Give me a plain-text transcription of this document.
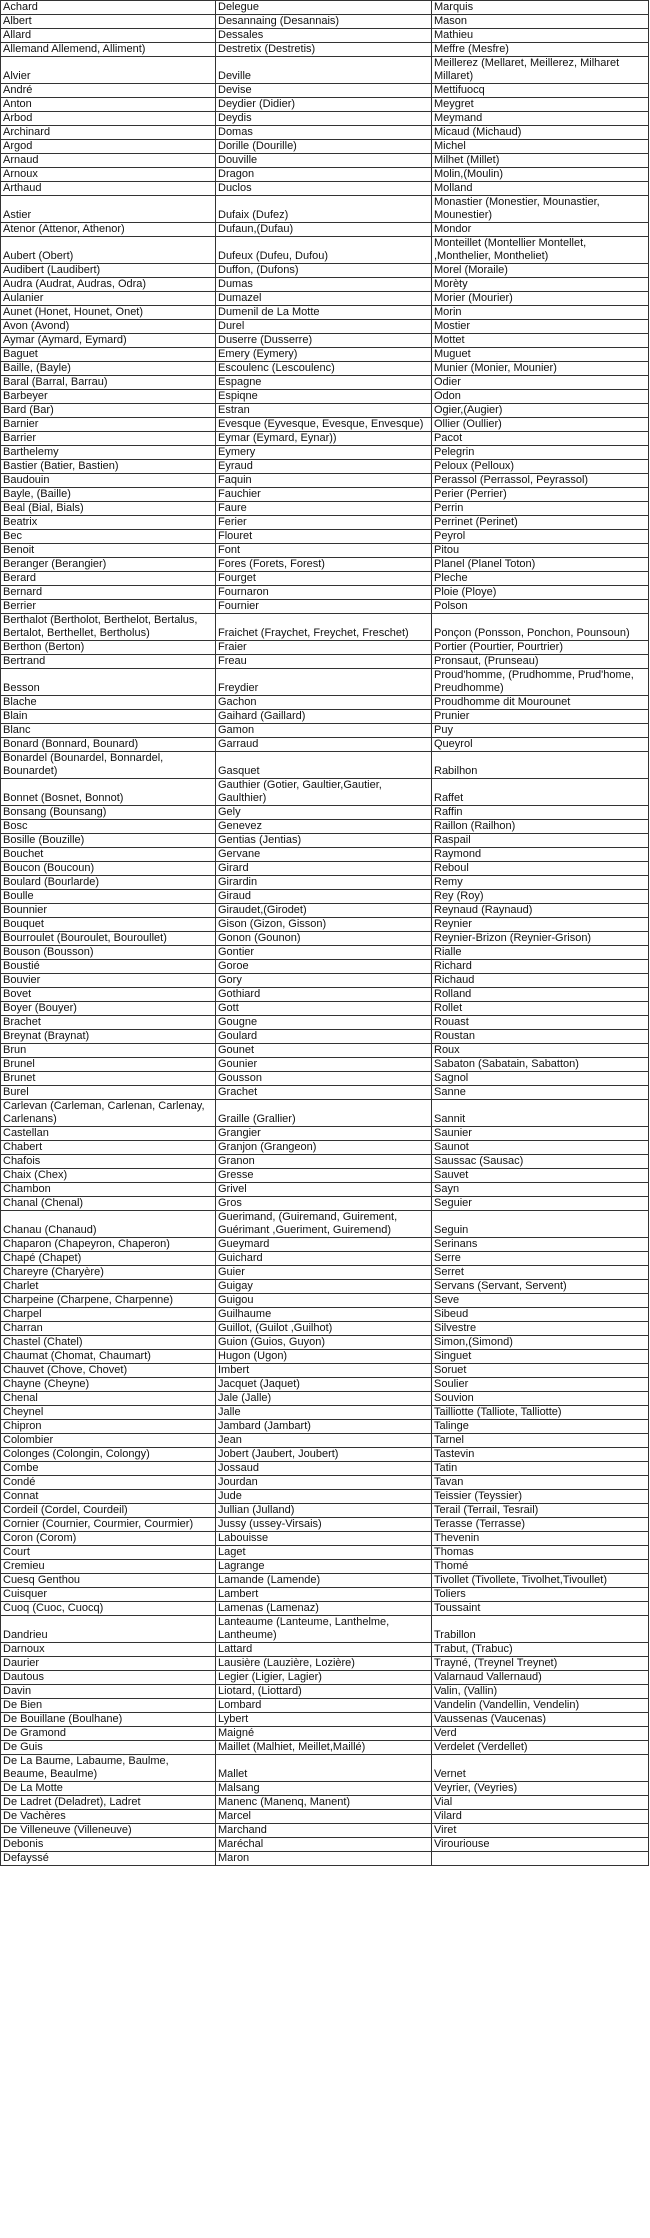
Achard	Delegue	Marquis
Albert	Desannaing (Desannais)	Mason
Allard	Dessales	Mathieu
Allemand Allemend, Alliment)	Destretix (Destretis)	Meffre (Mesfre)
Alvier	Deville	Meillerez (Mellaret, Meillerez, Milharet Millaret)
André	Devise	Mettifuocq
Anton	Deydier (Didier)	Meygret
Arbod	Deydis	Meymand
Archinard	Domas	Micaud (Michaud)
Argod	Dorille (Dourille)	Michel
Arnaud	Douville	Milhet (Millet)
Arnoux	Dragon	Molin,(Moulin)
Arthaud	Duclos	Molland
Astier	Dufaix (Dufez)	Monastier (Monestier, Mounastier, Mounestier)
Atenor (Attenor, Athenor)	Dufaun,(Dufau)	Mondor
Aubert (Obert)	Dufeux (Dufeu, Dufou)	Monteillet (Montellier Montellet, ,Monthelier, Montheliet)
Audibert (Laudibert)	Duffon, (Dufons)	Morel (Moraile)
Audra (Audrat, Audras, Odra)	Dumas	Morèty
Aulanier	Dumazel	Morier (Mourier)
Aunet (Honet, Hounet, Onet)	Dumenil de La Motte	Morin
Avon (Avond)	Durel	Mostier
Aymar (Aymard, Eymard)	Duserre (Dusserre)	Mottet
Baguet	Emery (Eymery)	Muguet
Baille, (Bayle)	Escoulenc (Lescoulenc)	Munier (Monier, Mounier)
Baral (Barral, Barrau)	Espagne	Odier
Barbeyer	Espiqne	Odon
Bard (Bar)	Estran	Ogier,(Augier)
Barnier	Evesque (Eyvesque, Evesque, Envesque)	Ollier (Oullier)
Barrier	Eymar (Eymard, Eynar))	Pacot
Barthelemy	Eymery	Pelegrin
Bastier (Batier, Bastien)	Eyraud	Peloux (Pelloux)
Baudouin	Faquin	Perassol (Perrassol, Peyrassol)
Bayle, (Baille)	Fauchier	Perier (Perrier)
Beal (Bial, Bials)	Faure	Perrin
Beatrix	Ferier	Perrinet (Perinet)
Bec	Flouret	Peyrol
Benoit	Font	Pitou
Beranger (Berangier)	Fores (Forets, Forest)	Planel (Planel Toton)
Berard	Fourget	Pleche
Bernard	Fournaron	Ploie (Ploye)
Berrier	Fournier	Polson
Berthalot (Bertholot, Berthelot, Bertalus, Bertalot, Berthellet, Bertholus)	Fraichet (Fraychet, Freychet, Freschet)	Ponçon (Ponsson, Ponchon, Pounsoun)
Berthon (Berton)	Fraier	Portier (Pourtier, Pourtrier)
Bertrand	Freau	Pronsaut, (Prunseau)
Besson	Freydier	Proud'homme, (Prudhomme, Prud'home, Preudhomme)
Blache	Gachon	Proudhomme dit Mourounet
Blain	Gaihard (Gaillard)	Prunier
Blanc	Gamon	Puy
Bonard (Bonnard, Bounard)	Garraud	Queyrol
Bonardel (Bounardel, Bonnardel, Bounardet)	Gasquet	Rabilhon
Bonnet (Bosnet, Bonnot)	Gauthier (Gotier, Gaultier,Gautier, Gaulthier)	Raffet
Bonsang (Bounsang)	Gely	Raffin
Bosc	Genevez	Raillon (Railhon)
Bosille (Bouzille)	Gentias (Jentias)	Raspail
Bouchet	Gervane	Raymond
Boucon (Boucoun)	Girard	Reboul
Boulard (Bourlarde)	Girardin	Remy
Boulle	Giraud	Rey (Roy)
Bounnier	Giraudet,(Girodet)	Reynaud (Raynaud)
Bouquet	Gison (Gizon, Gisson)	Reynier
Bourroulet (Bouroulet, Bouroullet)	Gonon (Gounon)	Reynier-Brizon (Reynier-Grison)
Bouson (Bousson)	Gontier	Rialle
Boustié	Goroe	Richard
Bouvier	Gory	Richaud
Bovet	Gothiard	Rolland
Boyer (Bouyer)	Gott	Rollet
Brachet	Gougne	Rouast
Breynat (Braynat)	Goulard	Roustan
Brun	Gounet	Roux
Brunel	Gounier	Sabaton (Sabatain, Sabatton)
Brunet	Gousson	Sagnol
Burel	Grachet	Sanne
Carlevan (Carleman, Carlenan, Carlenay, Carlenans)	Graille (Grallier)	Sannit
Castellan	Grangier	Saunier
Chabert	Granjon (Grangeon)	Saunot
Chafois	Granon	Saussac (Sausac)
Chaix (Chex)	Gresse	Sauvet
Chambon	Grivel	Sayn
Chanal (Chenal)	Gros	Seguier
Chanau (Chanaud)	Guerimand, (Guiremand, Guirement, Guérimant ,Gueriment, Guiremend)	Seguin
Chaparon (Chapeyron, Chaperon)	Gueymard	Serinans
Chapé (Chapet)	Guichard	Serre
Chareyre (Charyère)	Guier	Serret
Charlet	Guigay	Servans (Servant, Servent)
Charpeine (Charpene, Charpenne)	Guigou	Seve
Charpel	Guilhaume	Sibeud
Charran	Guillot, (Guilot ,Guilhot)	Silvestre
Chastel (Chatel)	Guion (Guios, Guyon)	Simon,(Simond)
Chaumat (Chomat, Chaumart)	Hugon (Ugon)	Singuet
Chauvet (Chove, Chovet)	Imbert	Soruet
Chayne (Cheyne)	Jacquet (Jaquet)	Soulier
Chenal	Jale (Jalle)	Souvion
Cheynel	Jalle	Tailliotte (Talliote, Talliotte)
Chipron	Jambard (Jambart)	Talinge
Colombier	Jean	Tarnel
Colonges (Colongin, Colongy)	Jobert (Jaubert, Joubert)	Tastevin
Combe	Jossaud	Tatin
Condé	Jourdan	Tavan
Connat	Jude	Teissier (Teyssier)
Cordeil (Cordel, Courdeil)	Jullian (Julland)	Terail (Terrail, Tesrail)
Cornier (Cournier, Courmier, Courmier)	Jussy (ussey-Virsais)	Terasse (Terrasse)
Coron (Corom)	Labouisse	Thevenin
Court	Laget	Thomas
Cremieu	Lagrange	Thomé
Cuesq Genthou	Lamande (Lamende)	Tivollet (Tivollete, Tivolhet,Tivoullet)
Cuisquer	Lambert	Toliers
Cuoq (Cuoc, Cuocq)	Lamenas (Lamenaz)	Toussaint
Dandrieu	Lanteaume (Lanteume, Lanthelme, Lantheume)	Trabillon
Darnoux	Lattard	Trabut, (Trabuc)
Daurier	Lausière (Lauzière, Lozière)	Trayné, (Treynel Treynet)
Dautous	Legier (Ligier, Lagier)	Valarnaud Vallernaud)
Davin	Liotard, (Liottard)	Valin, (Vallin)
De Bien	Lombard	Vandelin (Vandellin, Vendelin)
De Bouillane (Boulhane)	Lybert	Vaussenas (Vaucenas)
De Gramond	Maigné	Verd
De Guis	Maillet (Malhiet, Meillet,Maillé)	Verdelet (Verdellet)
De La Baume, Labaume, Baulme, Beaume, Beaulme)	Mallet	Vernet
De La Motte	Malsang	Veyrier, (Veyries)
De Ladret (Deladret), Ladret	Manenc (Manenq, Manent)	Vial
De Vachères	Marcel	Vilard
De Villeneuve (Villeneuve)	Marchand	Viret
Debonis	Maréchal	Virouriouse
Defayssé	Maron	
